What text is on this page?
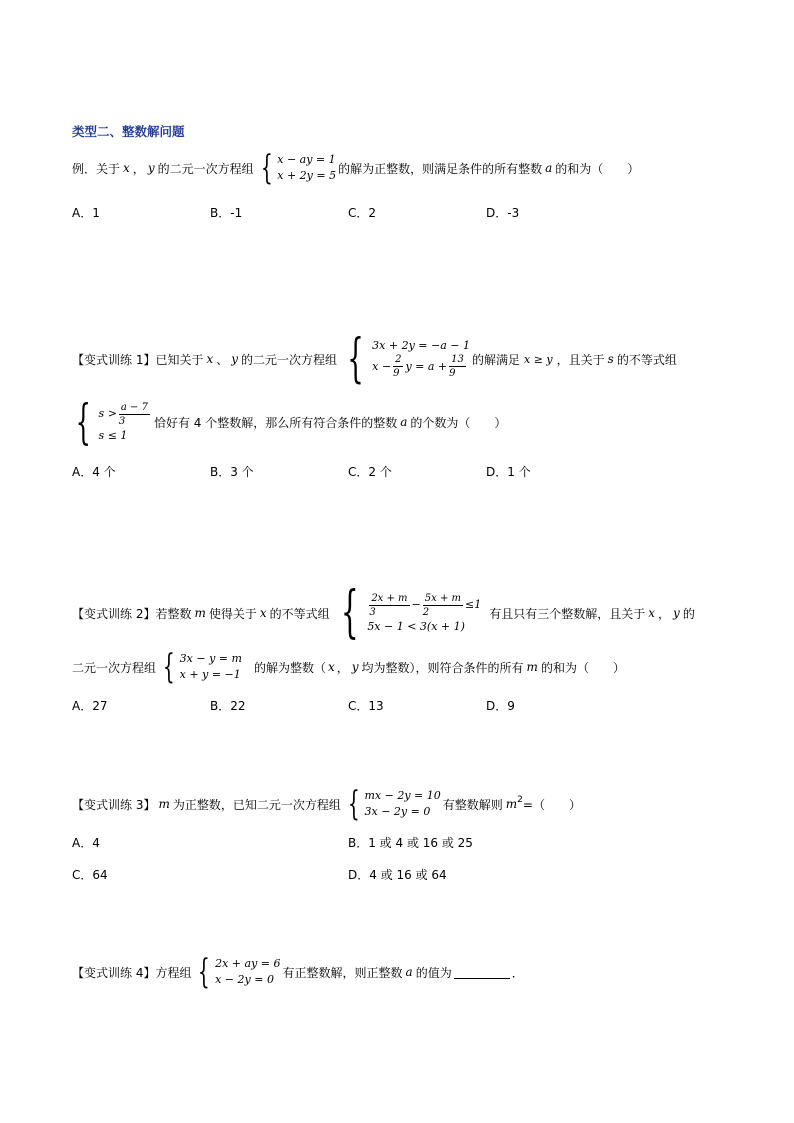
类型二、整数解问题
例．关于 x ， y 的二元一次方程组 { x − ay = 1
x + 2y = 5 的解为正整数，则满足条件的所有整数 a 的和为（　　）
A．1	B．-1	C．2	D．-3
【变式训练 1】 已知关于 x 、 y 的二元一次方程组 { 3x + 2y = −a − 1
$x - \frac{2}{9}$ $y = a + \frac{13}{9}$ 的解满足 x ≥ y ，且关于 s 的不等式组
{ $s > \frac{a - 7}{3}$
s ≤ 1
恰好有 4 个整数解，那么所有符合条件的整数 a 的个数为（　　）
A．4 个	B．3 个	C．2 个	D．1 个
【变式训练 2】 若整数 m 使得关于 x 的不等式组 { $\frac{2x + m}{3} - \frac{5x + m}{2} \le 1$
5x − 1 < 3(x + 1)
有且只有三个整数解，且关于 x ， y 的
二元一次方程组 { 3x − y = m
x + y = −1 的解为整数（ x ， y 均为整数），则符合条件的所有 m 的和为（　　）
A．27	B．22	C．13	D．9
【变式训练 3】 m 为正整数，已知二元一次方程组 { mx − 2y = 10
3x − 2y = 0	有整数解则 m 2 =（　　）
A．4	B．1 或 4 或 16 或 25
C．64	D．4 或 16 或 64
【变式训练 4】 方程组 { 2x + ay = 6
x − 2y = 0 有正整数解，则正整数 a 的值为	．
